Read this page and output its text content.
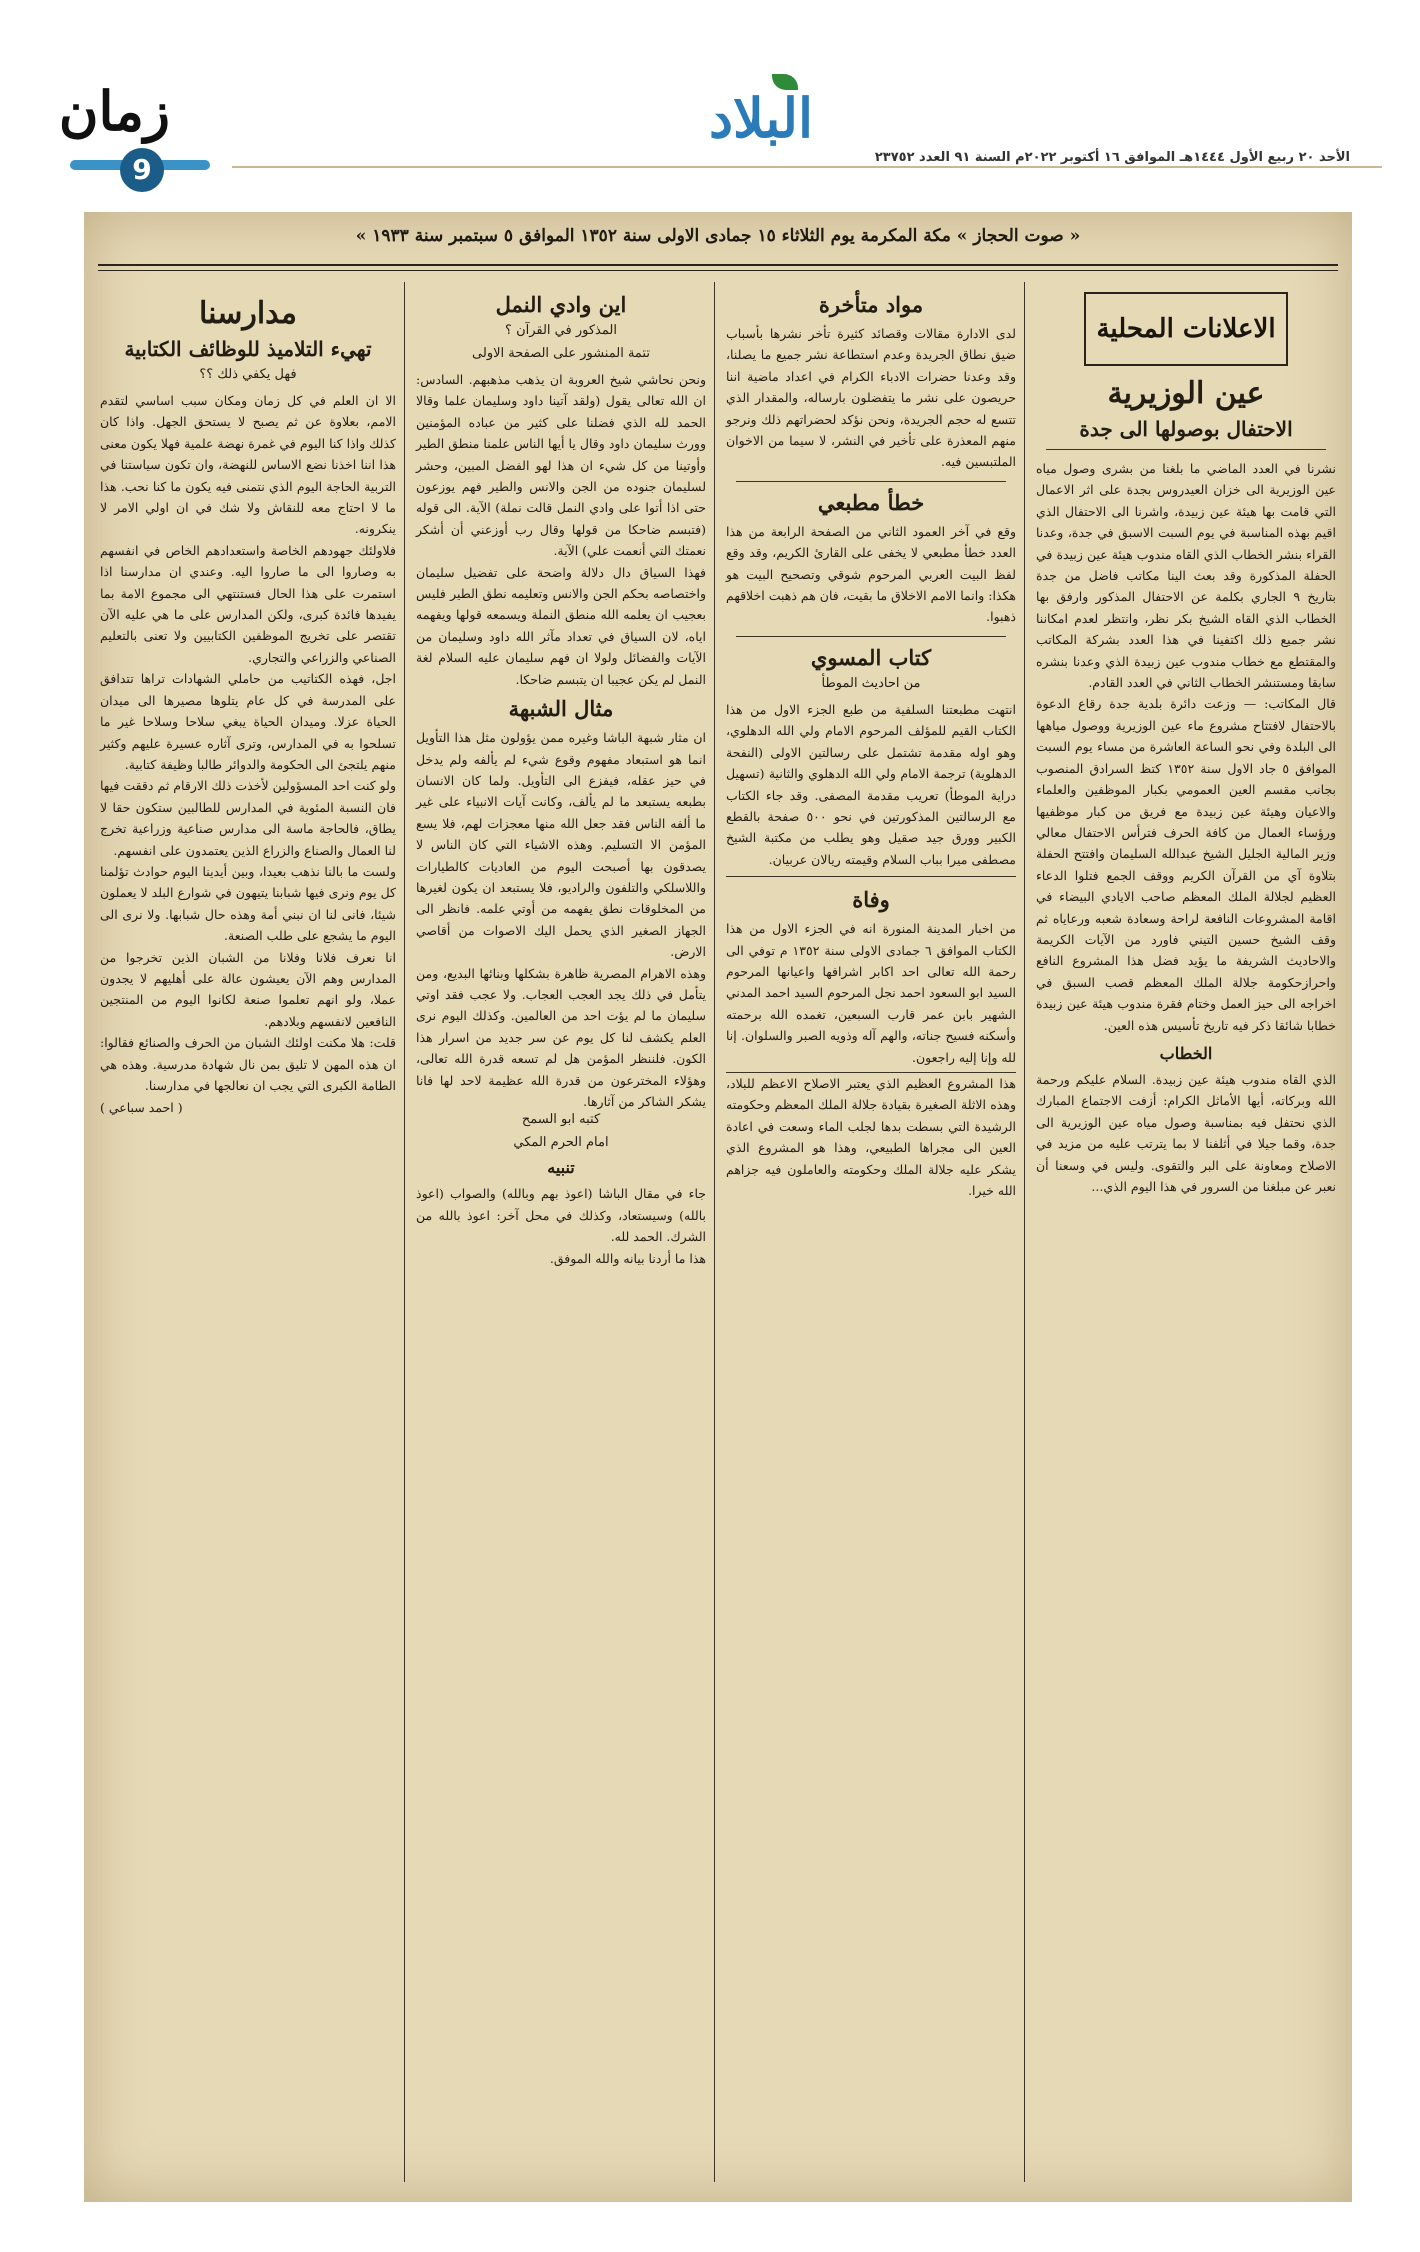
زمان
9
البلاد
الأحد ٢٠ ربيع الأول ١٤٤٤هـ الموافق ١٦ أكتوبر ٢٠٢٢م السنة ٩١ العدد ٢٣٧٥٢
« صوت الحجاز » مكة المكرمة يوم الثلاثاء ١٥ جمادى الاولى سنة ١٣٥٢ الموافق ٥ سبتمبر سنة ١٩٣٣ »
الاعلانات المحلية
عين الوزيرية
الاحتفال بوصولها الى جدة

نشرنا في العدد الماضي ما بلغنا من بشرى وصول مياه عين الوزيرية الى خزان العيدروس بجدة على اثر الاعمال التي قامت بها هيئة عين زبيدة، واشرنا الى الاحتفال الذي اقيم بهذه المناسبة في يوم السبت الاسبق في جدة، وعدنا القراء بنشر الخطاب الذي القاه مندوب هيئة عين زبيدة في الحفلة المذكورة وقد بعث الينا مكاتب فاضل من جدة بتاريخ ٩ الجاري بكلمة عن الاحتفال المذكور وارفق بها الخطاب الذي القاه الشيخ بكر نظر، وانتظر لعدم امكاننا نشر جميع ذلك اكتفينا في هذا العدد بشركة المكاتب والمقتطع مع خطاب مندوب عين زبيدة الذي وعدنا بنشره سابقا ومستنشر الخطاب الثاني في العدد القادم.

قال المكاتب: — وزعت دائرة بلدية جدة رقاع الدعوة بالاحتفال لافتتاح مشروع ماء عين الوزيرية ووصول مياهها الى البلدة وفي نحو الساعة العاشرة من مساء يوم السبت الموافق ٥ جاد الاول سنة ١٣٥٢ كتظ السرادق المنصوب بجانب مقسم العين العمومي بكبار الموظفين والعلماء والاعيان وهيئة عين زبيدة مع فريق من كبار موظفيها ورؤساء العمال من كافة الحرف فترأس الاحتفال معالي وزير المالية الجليل الشيخ عبدالله السليمان وافتتح الحفلة بتلاوة آي من القرآن الكريم ووقف الجمع فتلوا الدعاء العظيم لجلالة الملك المعظم صاحب الايادي البيضاء في اقامة المشروعات النافعة لراحة وسعادة شعبه ورعاياه ثم وقف الشيخ حسين التيني فاورد من الآيات الكريمة والاحاديث الشريفة ما يؤيد فضل هذا المشروع النافع واحرازحكومة جلالة الملك المعظم قصب السبق في اخراجه الى حيز العمل وختام فقرة مندوب هيئة عين زبيدة خطابا شائقا ذكر فيه تاريخ تأسيس هذه العين.

الخطاب

الذي القاه مندوب هيئة عين زبيدة. السلام عليكم ورحمة الله وبركاته، أيها الأماثل الكرام: أزفت الاجتماع المبارك الذي نحتفل فيه بمناسبة وصول مياه عين الوزيرية الى جدة، وقما جيلا في أثلفنا لا بما يترتب عليه من مزيد في الاصلاح ومعاونة على البر والتقوى. وليس في وسعنا أن نعبر عن مبلغنا من السرور في هذا اليوم الذي...

مواد متأخرة

لدى الادارة مقالات وقصائد كثيرة تأخر نشرها بأسباب ضيق نطاق الجريدة وعدم استطاعة نشر جميع ما يصلنا، وقد وعدنا حضرات الادباء الكرام في اعداد ماضية اننا حريصون على نشر ما يتفضلون بارساله، والمقدار الذي تتسع له حجم الجريدة، ونحن نؤكد لحضراتهم ذلك ونرجو منهم المعذرة على تأخير في النشر، لا سيما من الاخوان الملتبسين فيه.

خطأ مطبعي

وقع في آخر العمود الثاني من الصفحة الرابعة من هذا العدد خطأ مطبعي لا يخفى على القارئ الكريم، وقد وقع لفظ البيت العربي المرحوم شوقي وتصحيح البيت هو هكذا: وانما الامم الاخلاق ما بقيت، فان هم ذهبت اخلاقهم ذهبوا.

كتاب المسوي
من احاديث الموطأ

انتهت مطبعتنا السلفية من طبع الجزء الاول من هذا الكتاب القيم للمؤلف المرحوم الامام ولي الله الدهلوي، وهو اوله مقدمة تشتمل على رسالتين الاولى (النفحة الدهلوية) ترجمة الامام ولي الله الدهلوي والثانية (تسهيل دراية الموطأ) تعريب مقدمة المصفى. وقد جاء الكتاب مع الرسالتين المذكورتين في نحو ٥٠٠ صفحة بالقطع الكبير وورق جيد صقيل وهو يطلب من مكتبة الشيخ مصطفى ميرا بباب السلام وقيمته ريالان عربيان.

وفاة

من اخبار المدينة المنورة انه في الجزء الاول من هذا الكتاب الموافق ٦ جمادى الاولى سنة ١٣٥٢ م توفي الى رحمة الله تعالى احد اكابر اشرافها واعيانها المرحوم السيد ابو السعود احمد نجل المرحوم السيد احمد المدني الشهير بابن عمر قارب السبعين، تغمده الله برحمته وأسكنه فسيح جناته، والهم آله وذويه الصبر والسلوان. إنا لله وإنا إليه راجعون.

هذا المشروع العظيم الذي يعتبر الاصلاح الاعظم للبلاد، وهذه الاثلة الصغيرة بقيادة جلالة الملك المعظم وحكومته الرشيدة التي بسطت بدها لجلب الماء وسعت في اعادة العين الى مجراها الطبيعي، وهذا هو المشروع الذي يشكر عليه جلالة الملك وحكومته والعاملون فيه جزاهم الله خيرا.

اين وادي النمل
المذكور في القرآن ؟
تتمة المنشور على الصفحة الاولى

ونحن نحاشي شيخ العروبة ان يذهب مذهبهم. السادس: ان الله تعالى يقول (ولقد آتينا داود وسليمان علما وقالا الحمد لله الذي فضلنا على كثير من عباده المؤمنين وورث سليمان داود وقال يا أيها الناس علمنا منطق الطير وأوتينا من كل شيء ان هذا لهو الفضل المبين، وحشر لسليمان جنوده من الجن والانس والطير فهم يوزعون حتى اذا أتوا على وادي النمل قالت نملة) الآية. الى قوله (فتبسم ضاحكا من قولها وقال رب أوزعني أن أشكر نعمتك التي أنعمت علي) الآية.

فهذا السياق دال دلالة واضحة على تفضيل سليمان واختصاصه بحكم الجن والانس وتعليمه نطق الطير فليس بعجيب ان يعلمه الله منطق النملة ويسمعه قولها ويفهمه اياه، لان السياق في تعداد مآثر الله داود وسليمان من الآيات والفضائل ولولا ان فهم سليمان عليه السلام لغة النمل لم يكن عجيبا ان يتبسم ضاحكا.

مثال الشبهة

ان مثار شبهة الباشا وغيره ممن يؤولون مثل هذا التأويل انما هو استبعاد مفهوم وقوع شيء لم يألفه ولم يدخل في حيز عقله، فيفزع الى التأويل. ولما كان الانسان بطبعه يستبعد ما لم يألف، وكانت آيات الانبياء على غير ما ألفه الناس فقد جعل الله منها معجزات لهم، فلا يسع المؤمن الا التسليم. وهذه الاشياء التي كان الناس لا يصدقون بها أصبحت اليوم من العاديات كالطيارات واللاسلكي والتلفون والراديو، فلا يستبعد ان يكون لغيرها من المخلوقات نطق يفهمه من أوتي علمه. فانظر الى الجهاز الصغير الذي يحمل اليك الاصوات من أقاصي الارض.

وهذه الاهرام المصرية ظاهرة بشكلها وبنائها البديع، ومن يتأمل في ذلك يجد العجب العجاب. ولا عجب فقد اوتي سليمان ما لم يؤت احد من العالمين. وكذلك اليوم نرى العلم يكشف لنا كل يوم عن سر جديد من اسرار هذا الكون. فلننظر المؤمن هل لم تسعه قدرة الله تعالى، وهؤلاء المخترعون من قدرة الله عظيمة لاحد لها فانا يشكر الشاكر من آثارها.

كتبه ابو السمح
امام الحرم المكي
تنبيه

جاء في مقال الباشا (اعوذ بهم وبالله) والصواب (اعوذ بالله) وسيستعاد، وكذلك في محل آخر: اعوذ بالله من الشرك. الحمد لله.

هذا ما أردنا بيانه والله الموفق.

مدارسنا
تهيء التلاميذ للوظائف الكتابية
فهل يكفي ذلك ؟؟

الا ان العلم في كل زمان ومكان سبب اساسي لتقدم الامم، بعلاوة عن ثم يصبح لا يستحق الجهل. واذا كان كذلك واذا كنا اليوم في غمرة نهضة علمية فهلا يكون معنى هذا اننا اخذنا نضع الاساس للنهضة، وان تكون سياستنا في التربية الحاجة اليوم الذي نتمنى فيه يكون ما كنا نحب. هذا ما لا احتاج معه للنقاش ولا شك في ان اولي الامر لا ينكرونه.

فلاولئك جهودهم الخاصة واستعدادهم الخاص في انفسهم به وصاروا الى ما صاروا اليه. وعندي ان مدارسنا اذا استمرت على هذا الحال فستنتهي الى مجموع الامة بما يفيدها فائدة كبرى، ولكن المدارس على ما هي عليه الآن تقتصر على تخريج الموظفين الكتابيين ولا تعنى بالتعليم الصناعي والزراعي والتجاري.

اجل، فهذه الكتاتيب من حاملي الشهادات تراها تتدافق على المدرسة في كل عام يتلوها مصيرها الى ميدان الحياة عزلا. وميدان الحياة يبغي سلاحا وسلاحا غير ما تسلحوا به في المدارس، وترى آثاره عسيرة عليهم وكثير منهم يلتجئ الى الحكومة والدوائر طالبا وظيفة كتابية.

ولو كنت احد المسؤولين لأخذت ذلك الارقام ثم دققت فيها فان النسبة المئوية في المدارس للطالبين ستكون حقا لا يطاق، فالحاجة ماسة الى مدارس صناعية وزراعية تخرج لنا العمال والصناع والزراع الذين يعتمدون على انفسهم.

ولست ما بالنا نذهب بعيدا، وبين أيدينا اليوم حوادث تؤلمنا كل يوم ونرى فيها شبابنا يتيهون في شوارع البلد لا يعملون شيئا، فانى لنا ان نبني أمة وهذه حال شبابها. ولا نرى الى اليوم ما يشجع على طلب الصنعة.

انا نعرف فلانا وفلانا من الشبان الذين تخرجوا من المدارس وهم الآن يعيشون عالة على أهليهم لا يجدون عملا، ولو انهم تعلموا صنعة لكانوا اليوم من المنتجين النافعين لانفسهم وبلادهم.

قلت: هلا مكنت اولئك الشبان من الحرف والصنائع فقالوا: ان هذه المهن لا تليق بمن نال شهادة مدرسية. وهذه هي الطامة الكبرى التي يجب ان نعالجها في مدارسنا.

( احمد سباعي )
